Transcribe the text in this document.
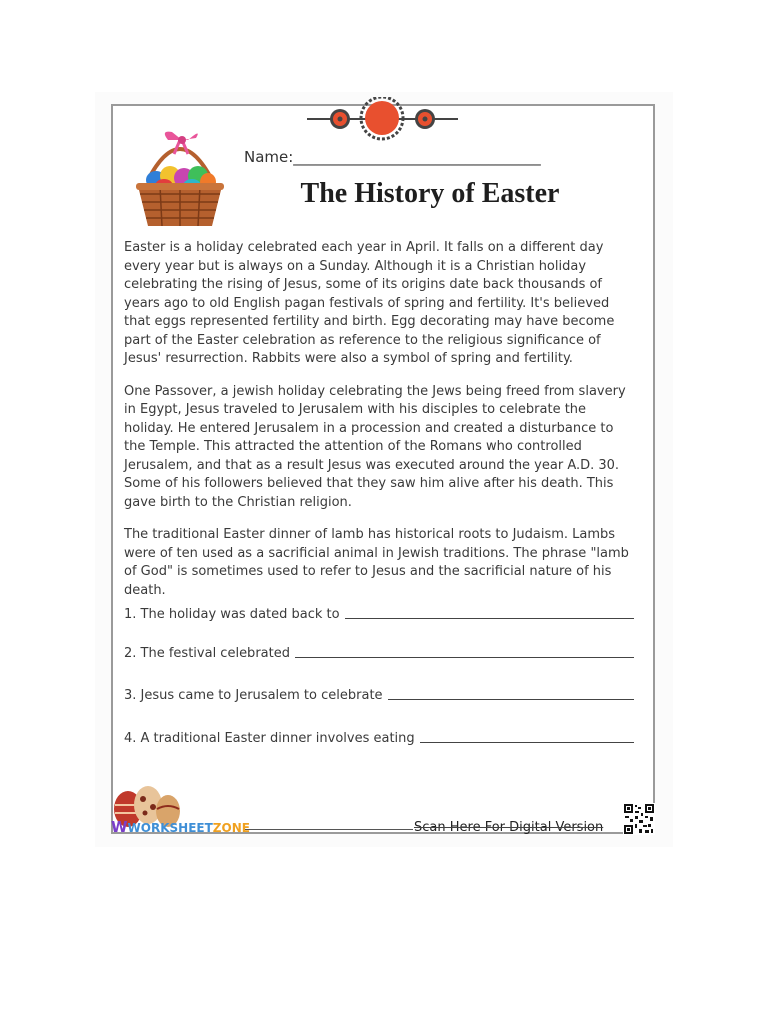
Name:_________________________________
The History of Easter

Easter is a holiday celebrated each year in April. It falls on a different day every year but is always on a Sunday. Although it is a Christian holiday celebrating the rising of Jesus, some of its origins date back thousands of years ago to old English pagan festivals of spring and fertility. It's believed that eggs represented fertility and birth. Egg decorating may have become part of the Easter celebration as reference to the religious significance of Jesus' resurrection. Rabbits were also a symbol of spring and fertility.

One Passover, a jewish holiday celebrating the Jews being freed from slavery in Egypt, Jesus traveled to Jerusalem with his disciples to celebrate the holiday. He entered Jerusalem in a procession and created a disturbance to the Temple. This attracted the attention of the Romans who controlled Jerusalem, and that as a result Jesus was executed around the year A.D. 30. Some of his followers believed that they saw him alive after his death. This gave birth to the Christian religion.

The traditional Easter dinner of lamb has historical roots to Judaism. Lambs were of ten used as a sacrificial animal in Jewish traditions. The phrase "lamb of God" is sometimes used to refer to Jesus and the sacrificial nature of his death.

1. The holiday was dated back to
2. The festival celebrated
3. Jesus came to Jerusalem to celebrate
4. A traditional Easter dinner involves eating
WWORKSHEETZONE	Scan Here For Digital Version
